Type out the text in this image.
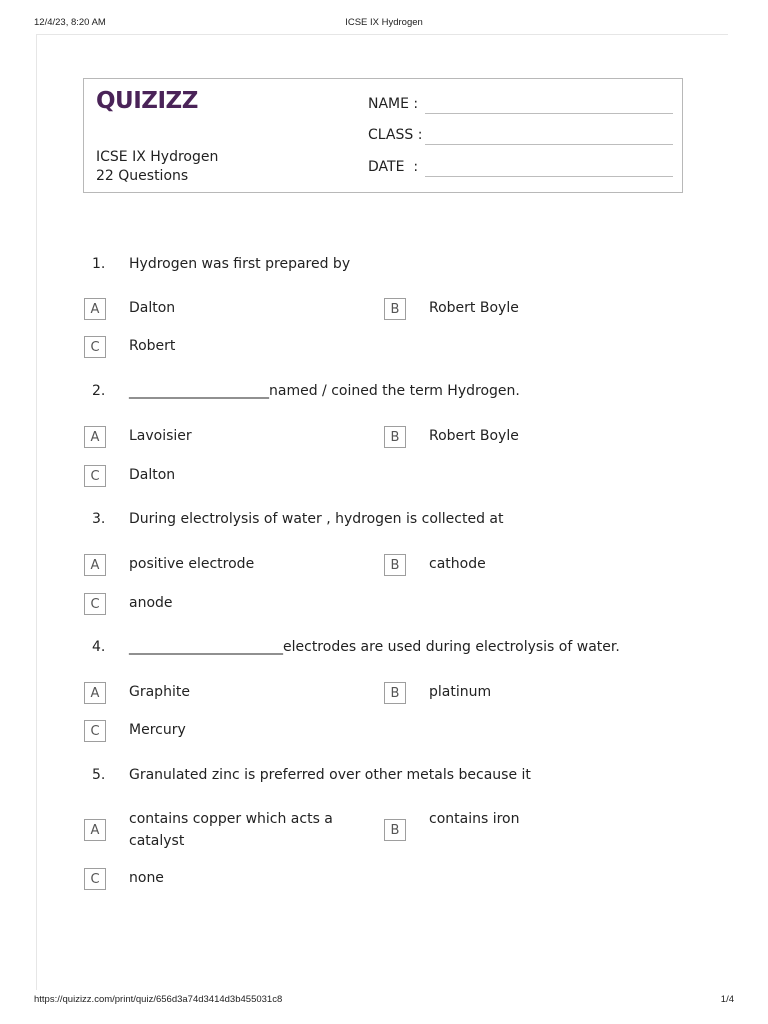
12/4/23, 8:20 AM	ICSE IX Hydrogen
QUIZIZZ
ICSE IX Hydrogen
22 Questions
NAME :
CLASS :
DATE  :
1. Hydrogen was first prepared by
A	Dalton	B	Robert Boyle
C	Robert
2. ____________________named / coined the term Hydrogen.
A	Lavoisier	B	Robert Boyle
C	Dalton
3. During electrolysis of water , hydrogen is collected at
A	positive electrode	B	cathode
C	anode
4. ______________________electrodes are used during electrolysis of water.
A	Graphite	B	platinum
C	Mercury
5. Granulated zinc is preferred over other metals because it
A
contains copper which acts a catalyst
B
contains iron
C	none
https://quizizz.com/print/quiz/656d3a74d3414d3b455031c8	1/4
